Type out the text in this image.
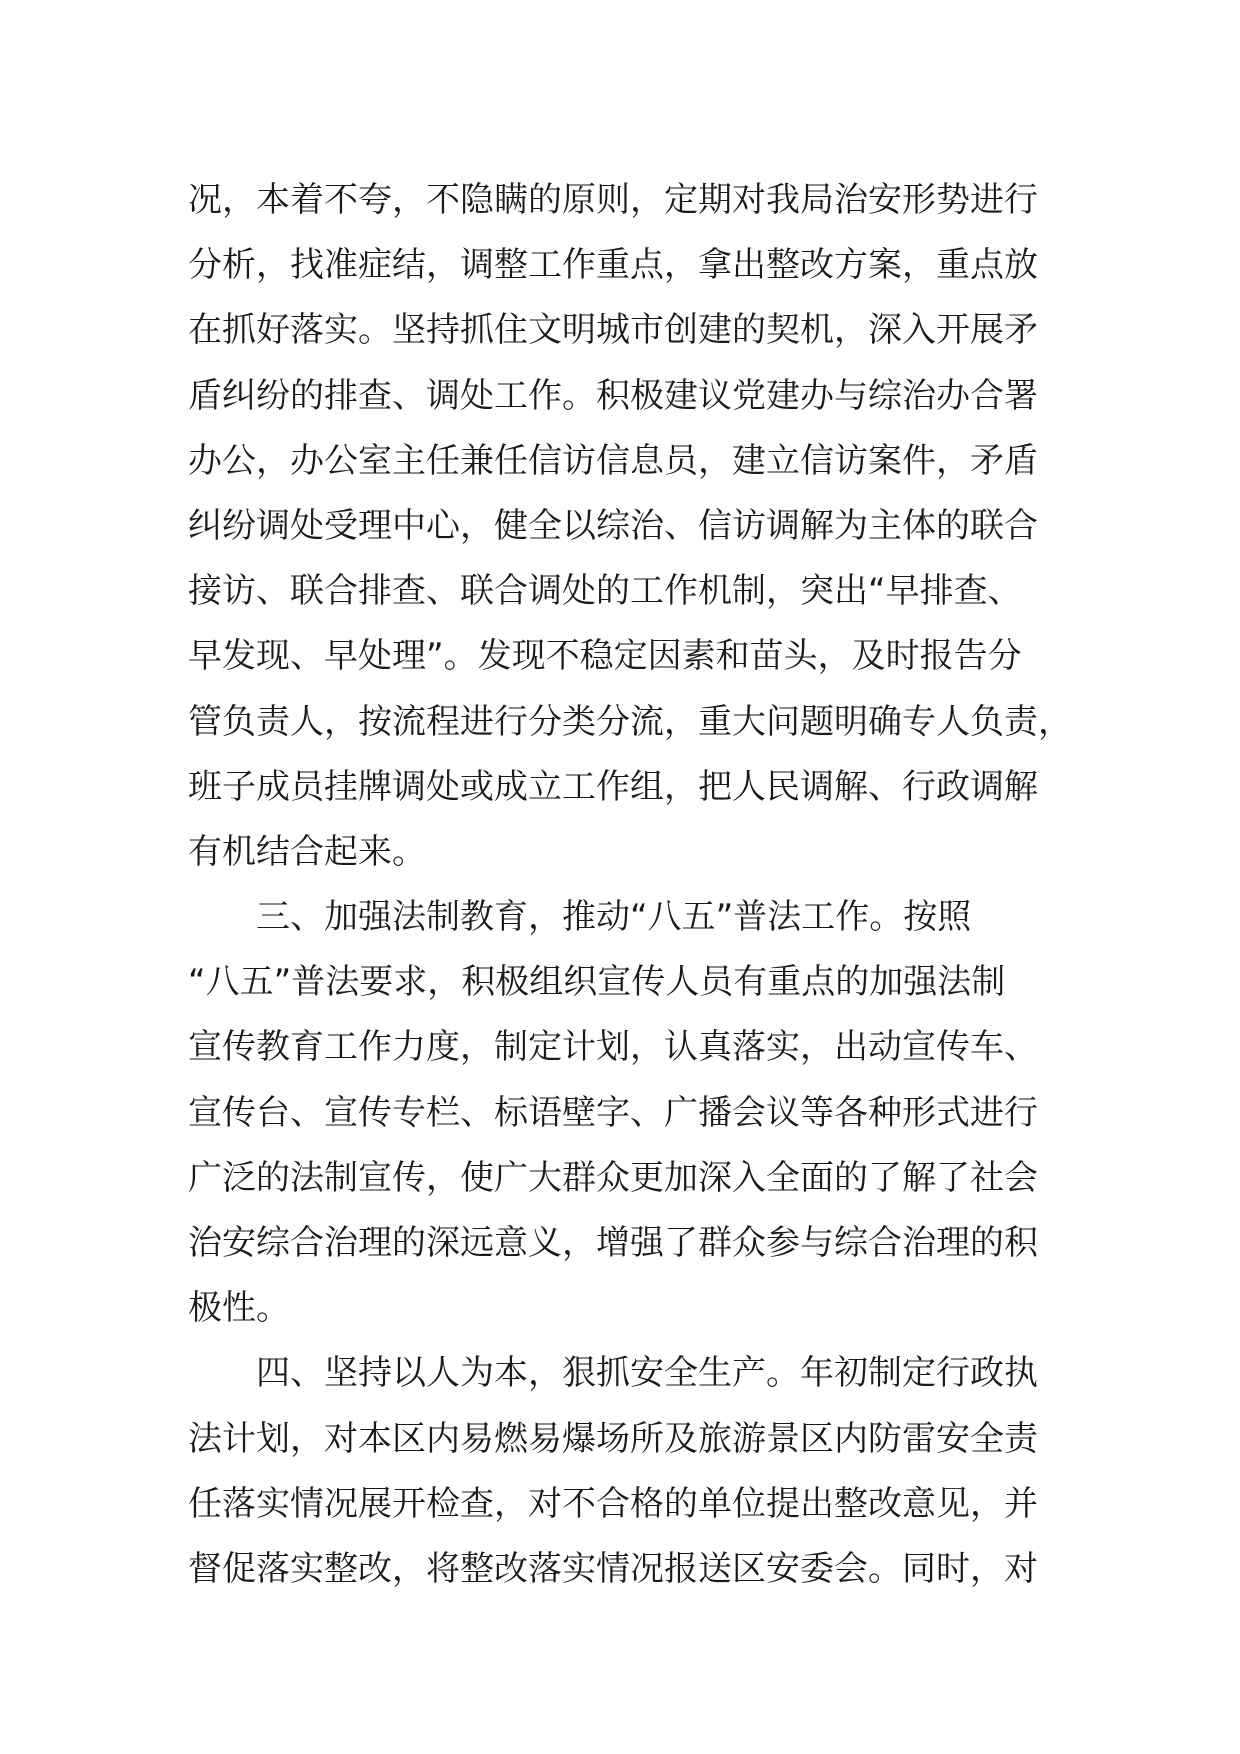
况，本着不夸，不隐瞒的原则，定期对我局治安形势进行
分析，找准症结，调整工作重点，拿出整改方案，重点放
在抓好落实。坚持抓住文明城市创建的契机，深入开展矛
盾纠纷的排查、调处工作。积极建议党建办与综治办合署
办公，办公室主任兼任信访信息员，建立信访案件，矛盾
纠纷调处受理中心，健全以综治、信访调解为主体的联合
接访、联合排查、联合调处的工作机制，突出“早排查、
早发现、早处理”。发现不稳定因素和苗头，及时报告分
管负责人，按流程进行分类分流，重大问题明确专人负责，
班子成员挂牌调处或成立工作组，把人民调解、行政调解
有机结合起来。
　　三、加强法制教育，推动“八五”普法工作。按照
“八五”普法要求，积极组织宣传人员有重点的加强法制
宣传教育工作力度，制定计划，认真落实，出动宣传车、
宣传台、宣传专栏、标语壁字、广播会议等各种形式进行
广泛的法制宣传，使广大群众更加深入全面的了解了社会
治安综合治理的深远意义，增强了群众参与综合治理的积
极性。
　　四、坚持以人为本，狠抓安全生产。年初制定行政执
法计划，对本区内易燃易爆场所及旅游景区内防雷安全责
任落实情况展开检查，对不合格的单位提出整改意见，并
督促落实整改，将整改落实情况报送区安委会。同时，对
